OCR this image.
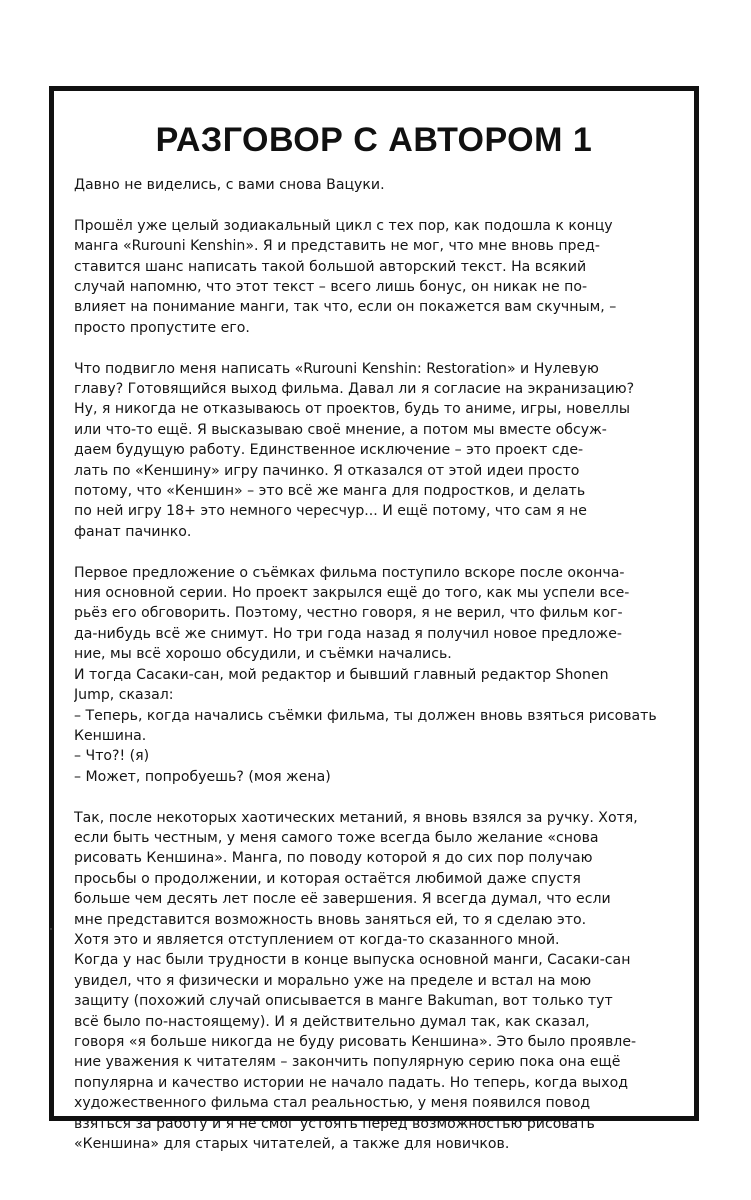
РАЗГОВОР С АВТОРОМ 1

Давно не виделись, с вами снова Вацуки.

Прошёл уже целый зодиакальный цикл с тех пор, как подошла к концу
манга «Rurouni Kenshin». Я и представить не мог, что мне вновь пред-
ставится шанс написать такой большой авторский текст. На всякий
случай напомню, что этот текст – всего лишь бонус, он никак не по-
влияет на понимание манги, так что, если он покажется вам скучным, –
просто пропустите его.

Что подвигло меня написать «Rurouni Kenshin: Restoration» и Нулевую
главу? Готовящийся выход фильма. Давал ли я согласие на экранизацию?
Ну, я никогда не отказываюсь от проектов, будь то аниме, игры, новеллы
или что-то ещё. Я высказываю своё мнение, а потом мы вместе обсуж-
даем будущую работу. Единственное исключение – это проект сде-
лать по «Кеншину» игру пачинко. Я отказался от этой идеи просто
потому, что «Кеншин» – это всё же манга для подростков, и делать
по ней игру 18+ это немного чересчур... И ещё потому, что сам я не
фанат пачинко.

Первое предложение о съёмках фильма поступило вскоре после оконча-
ния основной серии. Но проект закрылся ещё до того, как мы успели все-
рьёз его обговорить. Поэтому, честно говоря, я не верил, что фильм ког-
да-нибудь всё же снимут. Но три года назад я получил новое предложе-
ние, мы всё хорошо обсудили, и съёмки начались.
И тогда Сасаки-сан, мой редактор и бывший главный редактор Shonen
Jump, сказал:

– Теперь, когда начались съёмки фильма, ты должен вновь взяться рисовать
Кеншина.
– Что?! (я)
– Может, попробуешь? (моя жена)

Так, после некоторых хаотических метаний, я вновь взялся за ручку. Хотя,
если быть честным, у меня самого тоже всегда было желание «снова
рисовать Кеншина». Манга, по поводу которой я до сих пор получаю
просьбы о продолжении, и которая остаётся любимой даже спустя
больше чем десять лет после её завершения. Я всегда думал, что если
мне представится возможность вновь заняться ей, то я сделаю это.
Хотя это и является отступлением от когда-то сказанного мной.
Когда у нас были трудности в конце выпуска основной манги, Сасаки-сан
увидел, что я физически и морально уже на пределе и встал на мою
защиту (похожий случай описывается в манге Bakuman, вот только тут
всё было по-настоящему). И я действительно думал так, как сказал,
говоря «я больше никогда не буду рисовать Кеншина». Это было проявле-
ние уважения к читателям – закончить популярную серию пока она ещё
популярна и качество истории не начало падать. Но теперь, когда выход
художественного фильма стал реальностью, у меня появился повод
взяться за работу и я не смог устоять перед возможностью рисовать
«Кеншина» для старых читателей, а также для новичков.
